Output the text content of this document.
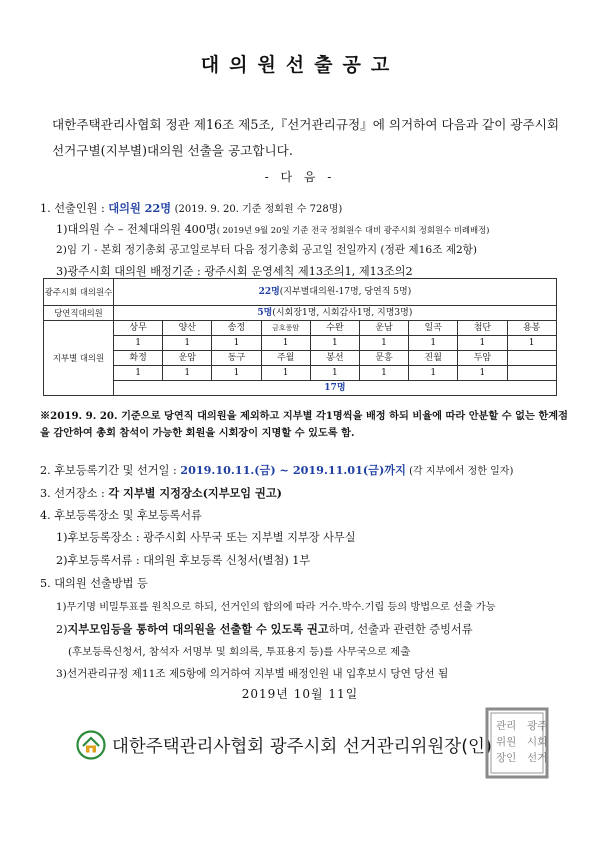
대의원선출공고
대한주택관리사협회 정관 제16조 제5조,『선거관리규정』에 의거하여 다음과 같이 광주시회 선거구별(지부별)대의원 선출을 공고합니다.
- 다 음 -
1. 선출인원 : 대의원 22명 (2019. 9. 20. 기준 정회원 수 728명)
1)대의원 수 – 전체대의원 400명( 2019년 9월 20일 기준 전국 정회원수 대비 광주시회 정회원수 비례배정)
2)임 기 - 본회 정기총회 공고일로부터 다음 정기총회 공고일 전일까지 (정관 제16조 제2항)
3)광주시회 대의원 배정기준 : 광주시회 운영세칙 제13조의1, 제13조의2
광주시회 대의원수	22명(지부별대의원-17명, 당연직 5명)								
당연직대의원	5명(시회장1명, 시회감사1명, 지명3명)								
지부별 대의원	상무	양산	송정	금호풍암	수완	운남	일곡	첨단	용봉
	1	1	1	1	1	1	1	1	1
	화정	운암	동구	주월	봉선	문흥	진월	두암	
	1	1	1	1	1	1	1	1	
	17명								
※2019. 9. 20. 기준으로 당연직 대의원을 제외하고 지부별 각1명씩을 배정 하되 비율에 따라 안분할 수 없는 한계점을 감안하여 총회 참석이 가능한 회원을 시회장이 지명할 수 있도록 함.
2. 후보등록기간 및 선거일 : 2019.10.11.(금) ~ 2019.11.01(금)까지 (각 지부에서 정한 일자)
3. 선거장소 : 각 지부별 지정장소(지부모임 권고)
4. 후보등록장소 및 후보등록서류
1)후보등록장소 : 광주시회 사무국 또는 지부별 지부장 사무실
2)후보등록서류 : 대의원 후보등록 신청서(별첨) 1부
5. 대의원 선출방법 등
1)무기명 비밀투표를 원칙으로 하되, 선거인의 합의에 따라 거수.박수.기립 등의 방법으로 선출 가능
2)지부모임등을 통하여 대의원을 선출할 수 있도록 권고하며, 선출과 관련한 증빙서류
(후보등록신청서, 참석자 서명부 및 회의록, 투표용지 등)를 사무국으로 제출
3)선거관리규정 제11조 제5항에 의거하여 지부별 배정인원 내 입후보시 당연 당선 됨
2019년 10월 11일
대한주택관리사협회 광주시회 선거관리위원장(인)
광주
시회
선거
관리
위원
장인
